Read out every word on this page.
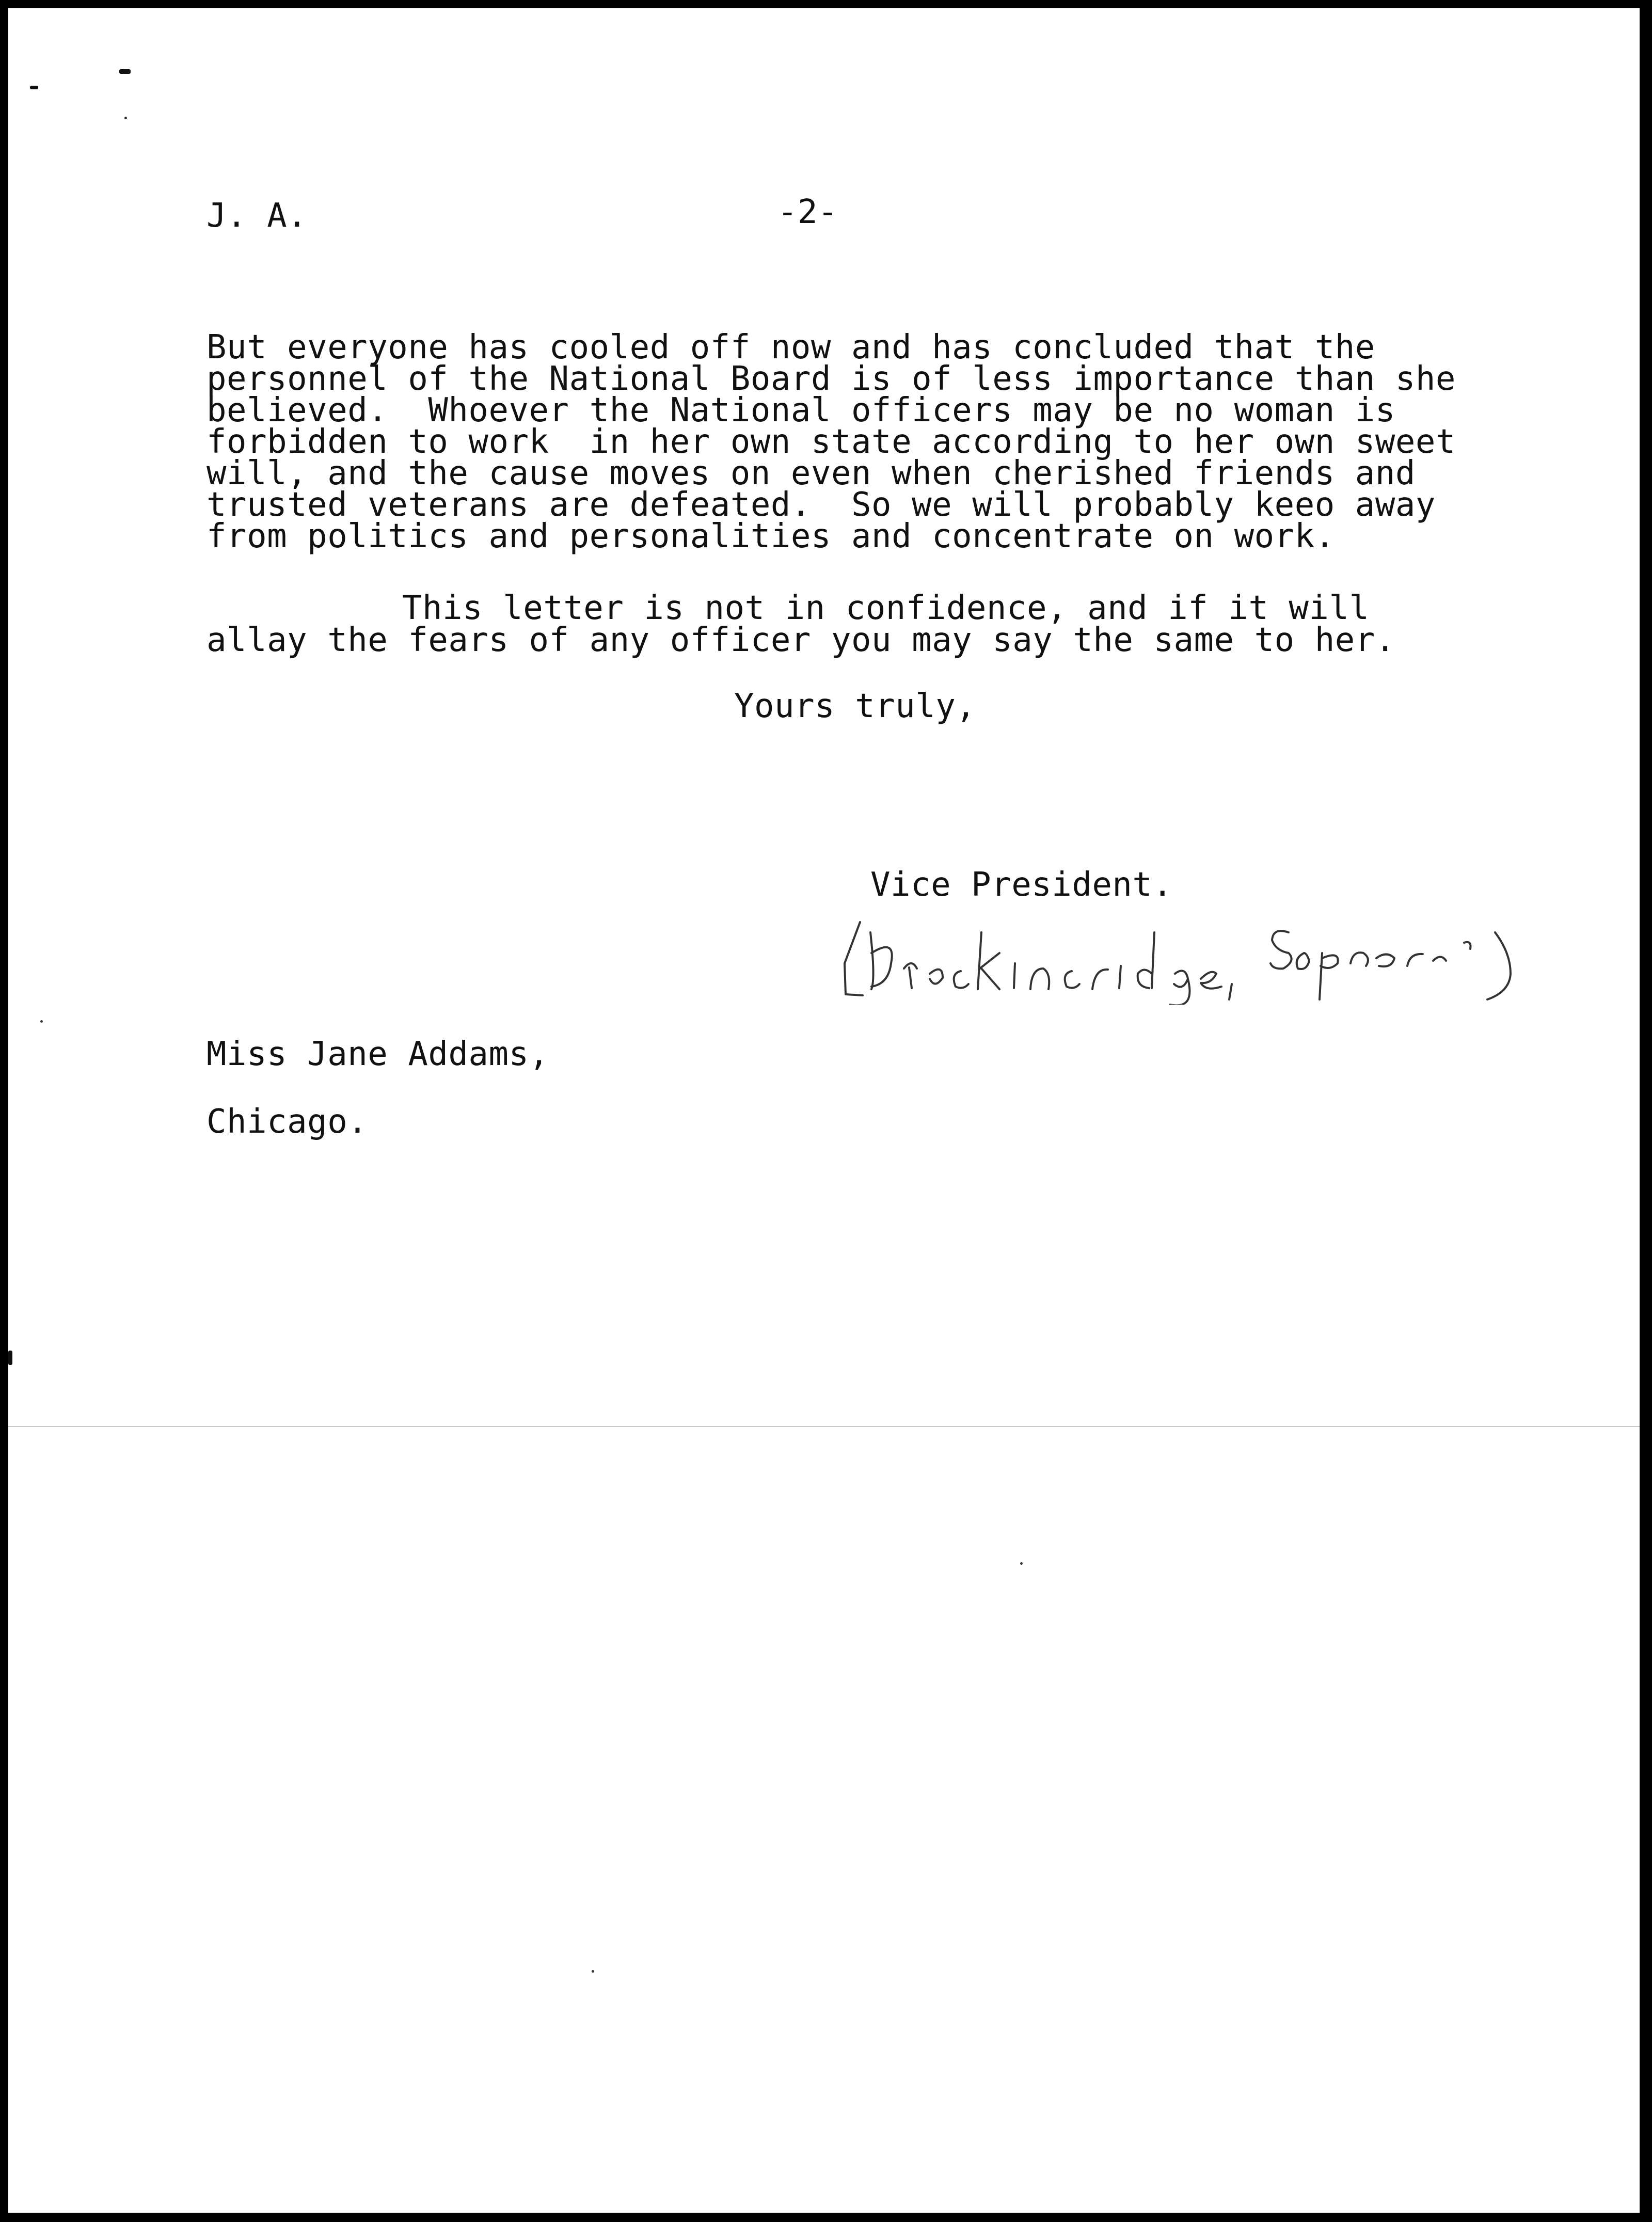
J. A.	-2-

But everyone has cooled off now and has concluded that the

personnel of the National Board is of less importance than she

believed.  Whoever the National officers may be no woman is

forbidden to work  in her own state according to her own sweet

will, and the cause moves on even when cherished friends and

trusted veterans are defeated.  So we will probably keeo away

from politics and personalities and concentrate on work.

This letter is not in confidence, and if it will

allay the fears of any officer you may say the same to her.

Yours truly,

Vice President.

Miss Jane Addams,

Chicago.
